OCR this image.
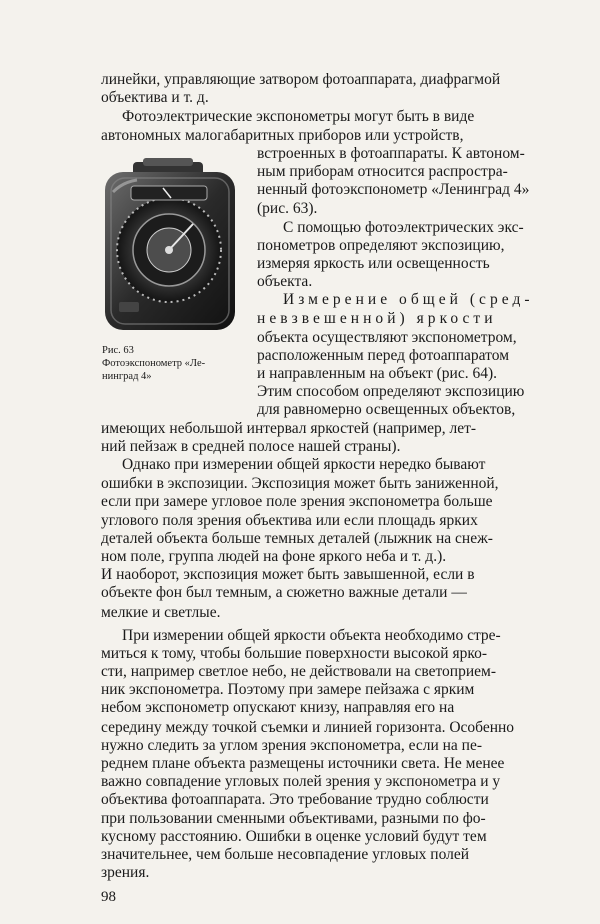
Рис. 63
Фотоэкспонометр «Ле-
нинград 4»
линейки, управляющие затвором фотоаппарата, диафрагмой
объектива и т. д.
Фотоэлектрические экспонометры могут быть в виде
автономных малогабаритных приборов или устройств,
встроенных в фотоаппараты. К автоном-
ным приборам относится распростра-
ненный фотоэкспонометр «Ленинград 4»
(рис. 63).
С помощью фотоэлектрических экс-
понометров определяют экспозицию,
измеряя яркость или освещенность
объекта.
Измерение общей (сред-
невзвешенной) яркости
объекта осуществляют экспонометром,
расположенным перед фотоаппаратом
и направленным на объект (рис. 64).
Этим способом определяют экспозицию
для равномерно освещенных объектов,
имеющих небольшой интервал яркостей (например, лет-
ний пейзаж в средней полосе нашей страны).
Однако при измерении общей яркости нередко бывают
ошибки в экспозиции. Экспозиция может быть заниженной,
если при замере угловое поле зрения экспонометра больше
углового поля зрения объектива или если площадь ярких
деталей объекта больше темных деталей (лыжник на снеж-
ном поле, группа людей на фоне яркого неба и т. д.).
И наоборот, экспозиция может быть завышенной, если в
объекте фон был темным, а сюжетно важные детали —
мелкие и светлые.
При измерении общей яркости объекта необходимо стре-
миться к тому, чтобы большие поверхности высокой ярко-
сти, например светлое небо, не действовали на светоприем-
ник экспонометра. Поэтому при замере пейзажа с ярким
небом экспонометр опускают книзу, направляя его на
середину между точкой съемки и линией горизонта. Особенно
нужно следить за углом зрения экспонометра, если на пе-
реднем плане объекта размещены источники света. Не менее
важно совпадение угловых полей зрения у экспонометра и у
объектива фотоаппарата. Это требование трудно соблюсти
при пользовании сменными объективами, разными по фо-
кусному расстоянию. Ошибки в оценке условий будут тем
значительнее, чем больше несовпадение угловых полей
зрения.
98
